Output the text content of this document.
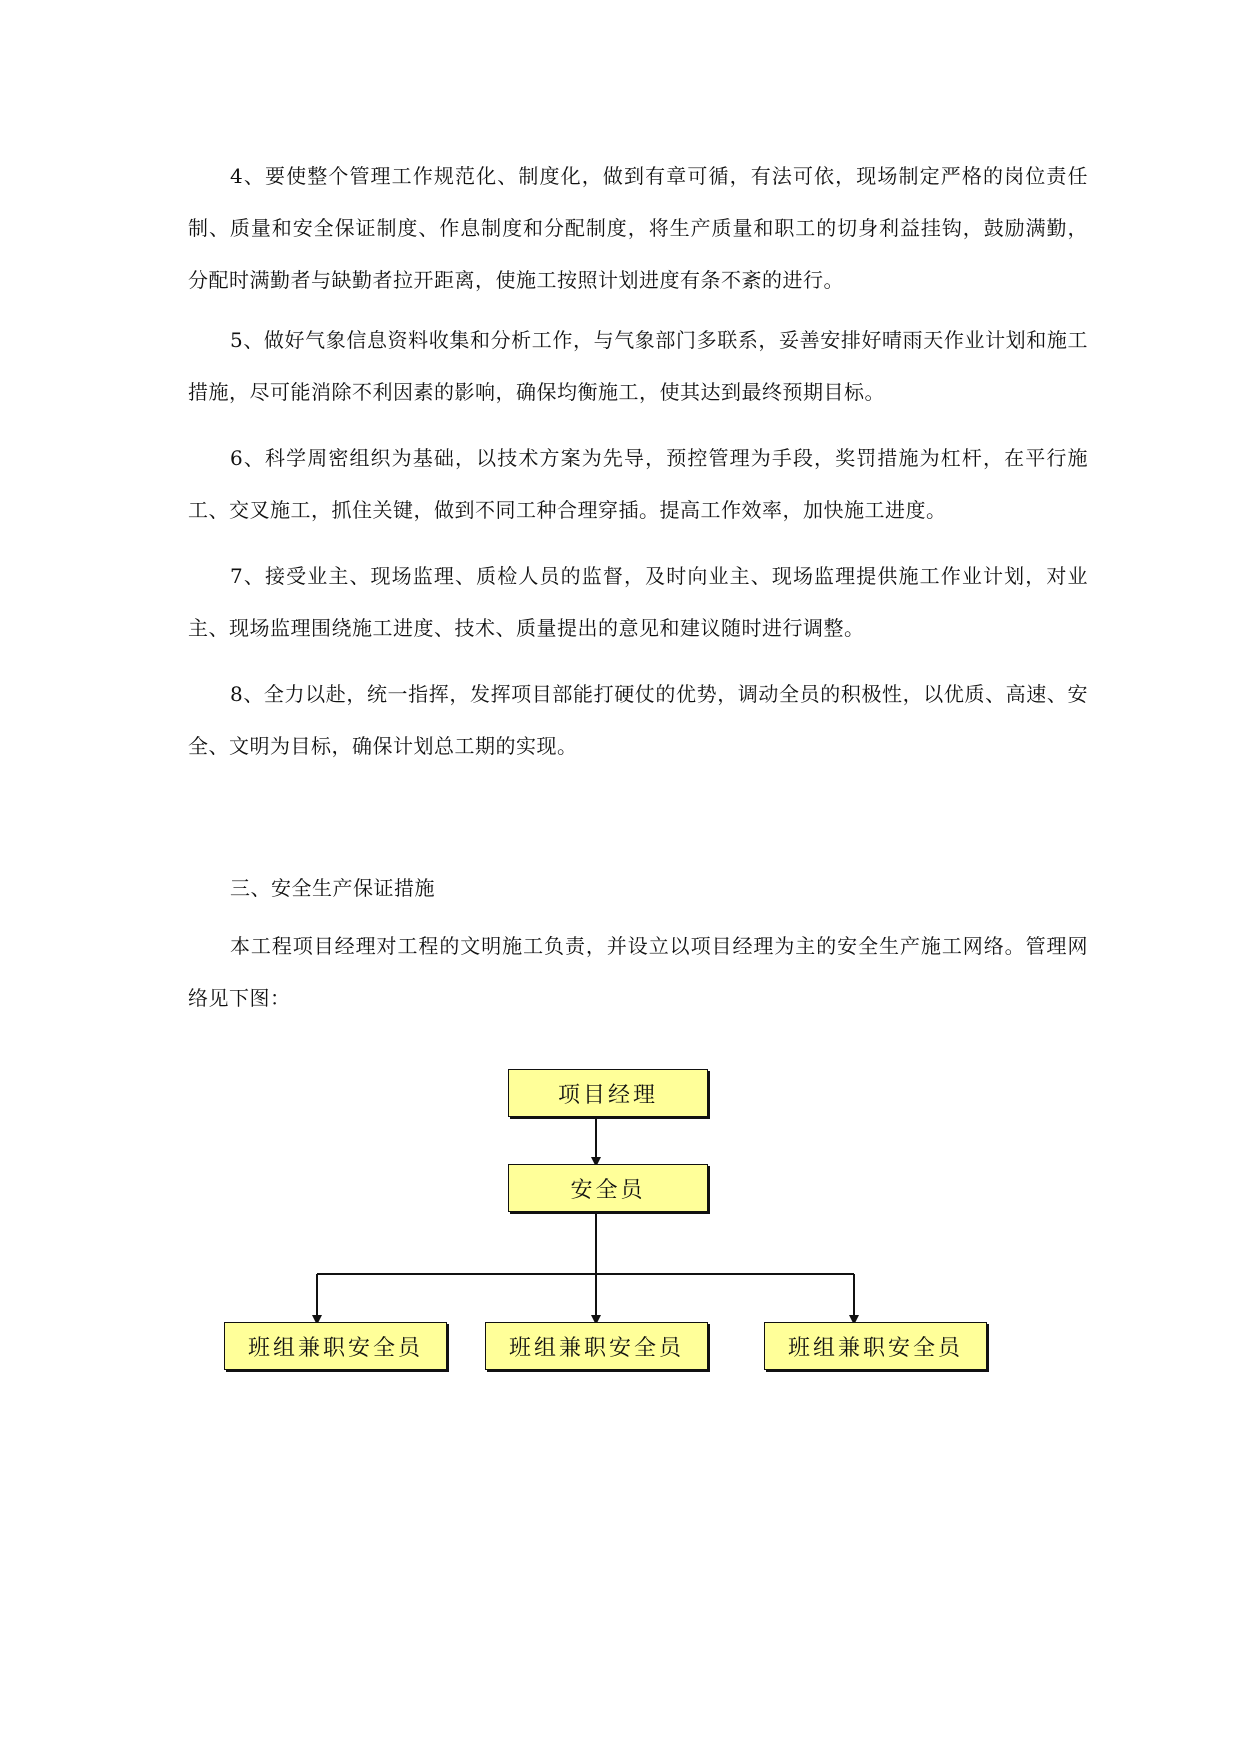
4、要使整个管理工作规范化、制度化，做到有章可循，有法可依，现场制定严格的岗位责任制、质量和安全保证制度、作息制度和分配制度，将生产质量和职工的切身利益挂钩，鼓励满勤，分配时满勤者与缺勤者拉开距离，使施工按照计划进度有条不紊的进行。

5、做好气象信息资料收集和分析工作，与气象部门多联系，妥善安排好晴雨天作业计划和施工措施，尽可能消除不利因素的影响，确保均衡施工，使其达到最终预期目标。

6、科学周密组织为基础，以技术方案为先导，预控管理为手段，奖罚措施为杠杆，在平行施工、交叉施工，抓住关键，做到不同工种合理穿插。提高工作效率，加快施工进度。

7、接受业主、现场监理、质检人员的监督，及时向业主、现场监理提供施工作业计划，对业主、现场监理围绕施工进度、技术、质量提出的意见和建议随时进行调整。

8、全力以赴，统一指挥，发挥项目部能打硬仗的优势，调动全员的积极性，以优质、高速、安全、文明为目标，确保计划总工期的实现。

三、安全生产保证措施

本工程项目经理对工程的文明施工负责，并设立以项目经理为主的安全生产施工网络。管理网络见下图：

项目经理
安全员
班组兼职安全员	班组兼职安全员	班组兼职安全员
